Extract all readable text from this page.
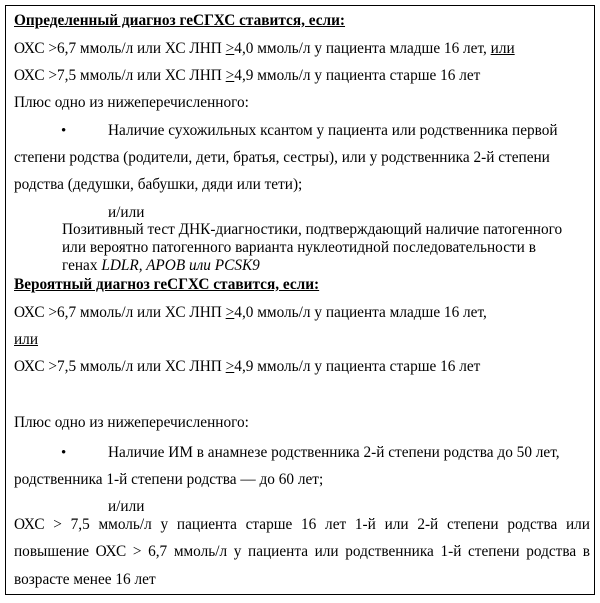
Определенный диагноз геСГХС ставится, если:
ОХС >6,7 ммоль/л или ХС ЛНП ≥4,0 ммоль/л у пациента младше 16 лет, или
ОХС >7,5 ммоль/л или ХС ЛНП ≥4,9 ммоль/л у пациента старше 16 лет
Плюс одно из нижеперечисленного:
•	Наличие сухожильных ксантом у пациента или родственника первой
степени родства (родители, дети, братья, сестры), или у родственника 2-й степени
родства (дедушки, бабушки, дяди или тети);
и/или
Позитивный тест ДНК-диагностики, подтверждающий наличие патогенного
или вероятно патогенного варианта нуклеотидной последовательности в
генах LDLR, APOB или PCSK9
Вероятный диагноз геСГХС ставится, если:
ОХС >6,7 ммоль/л или ХС ЛНП ≥4,0 ммоль/л у пациента младше 16 лет,
или
ОХС >7,5 ммоль/л или ХС ЛНП ≥4,9 ммоль/л у пациента старше 16 лет
Плюс одно из нижеперечисленного:
•	Наличие ИМ в анамнезе родственника 2-й степени родства до 50 лет,
родственника 1-й степени родства — до 60 лет;
и/или
ОХС > 7,5 ммоль/л у пациента старше 16 лет 1-й или 2-й степени родства или
повышение ОХС > 6,7 ммоль/л у пациента или родственника 1-й степени родства в
возрасте менее 16 лет
